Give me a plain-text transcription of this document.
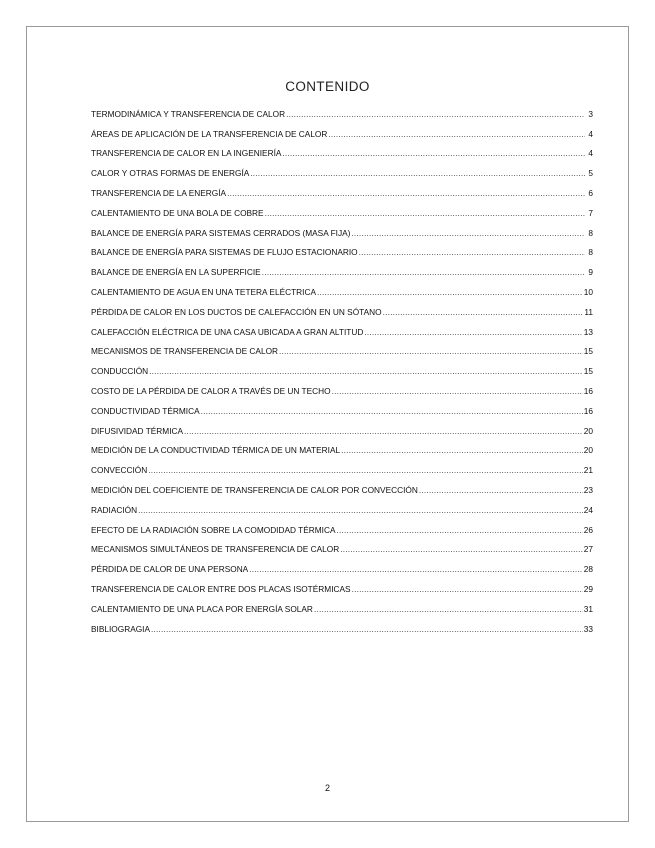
CONTENIDO
TERMODINÁMICA Y TRANSFERENCIA DE CALOR .....	3
ÁREAS DE APLICACIÓN DE LA TRANSFERENCIA DE CALOR .....	4
TRANSFERENCIA DE CALOR EN LA INGENIERÍA .....	4
CALOR Y OTRAS FORMAS DE ENERGÍA .....	5
TRANSFERENCIA DE LA ENERGÍA .....	6
CALENTAMIENTO DE UNA BOLA DE COBRE .....	7
BALANCE DE ENERGÍA PARA SISTEMAS CERRADOS (MASA FIJA) .....	8
BALANCE DE ENERGÍA PARA SISTEMAS DE FLUJO ESTACIONARIO .....	8
BALANCE DE ENERGÍA EN LA SUPERFICIE .....	9
CALENTAMIENTO DE AGUA EN UNA TETERA ELÉCTRICA .....	10
PÉRDIDA DE CALOR EN LOS DUCTOS DE CALEFACCIÓN EN UN SÓTANO .....	11
CALEFACCIÓN ELÉCTRICA DE UNA CASA UBICADA A GRAN ALTITUD .....	13
MECANISMOS DE TRANSFERENCIA DE CALOR .....	15
CONDUCCIÓN .....	15
COSTO DE LA PÉRDIDA DE CALOR A TRAVÉS DE UN TECHO .....	16
CONDUCTIVIDAD TÉRMICA .....	16
DIFUSIVIDAD TÉRMICA .....	20
MEDICIÓN DE LA CONDUCTIVIDAD TÉRMICA DE UN MATERIAL .....	20
CONVECCIÓN .....	21
MEDICIÓN DEL COEFICIENTE DE TRANSFERENCIA DE CALOR POR CONVECCIÓN .....	23
RADIACIÓN .....	24
EFECTO DE LA RADIACIÓN SOBRE LA COMODIDAD TÉRMICA .....	26
MECANISMOS SIMULTÁNEOS DE TRANSFERENCIA DE CALOR .....	27
PÉRDIDA DE CALOR DE UNA PERSONA .....	28
TRANSFERENCIA DE CALOR ENTRE DOS PLACAS ISOTÉRMICAS .....	29
CALENTAMIENTO DE UNA PLACA POR ENERGÍA SOLAR .....	31
BIBLIOGRAGIA .....	33
2
